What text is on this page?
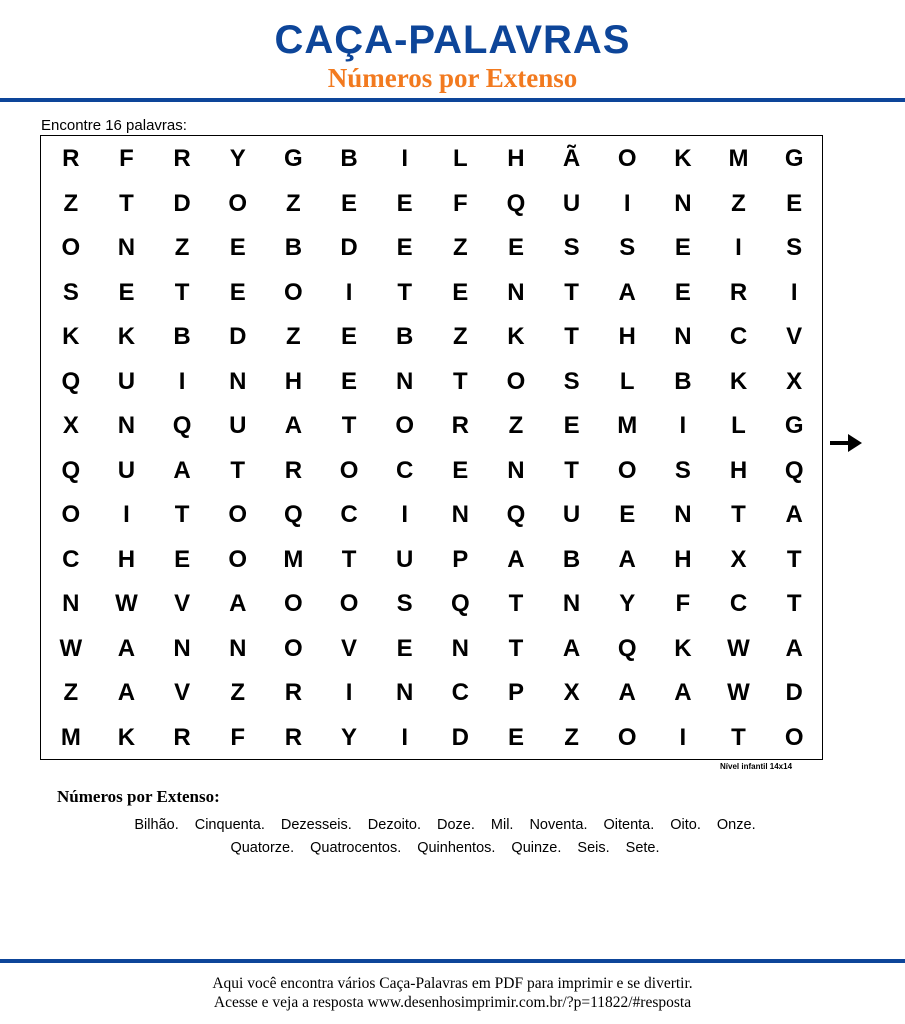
CAÇA-PALAVRAS
Números por Extenso
Encontre 16 palavras:
R	F	R	Y	G	B	I	L	H	Ã	O	K	M	G
Z	T	D	O	Z	E	E	F	Q	U	I	N	Z	E
O	N	Z	E	B	D	E	Z	E	S	S	E	I	S
S	E	T	E	O	I	T	E	N	T	A	E	R	I
K	K	B	D	Z	E	B	Z	K	T	H	N	C	V
Q	U	I	N	H	E	N	T	O	S	L	B	K	X
X	N	Q	U	A	T	O	R	Z	E	M	I	L	G
Q	U	A	T	R	O	C	E	N	T	O	S	H	Q
O	I	T	O	Q	C	I	N	Q	U	E	N	T	A
C	H	E	O	M	T	U	P	A	B	A	H	X	T
N	W	V	A	O	O	S	Q	T	N	Y	F	C	T
W	A	N	N	O	V	E	N	T	A	Q	K	W	A
Z	A	V	Z	R	I	N	C	P	X	A	A	W	D
M	K	R	F	R	Y	I	D	E	Z	O	I	T	O
Nível infantil 14x14
Números por Extenso:
Bilhão. Cinquenta. Dezesseis. Dezoito. Doze. Mil. Noventa. Oitenta. Oito. Onze.
Quatorze. Quatrocentos. Quinhentos. Quinze. Seis. Sete.
Aqui você encontra vários Caça-Palavras em PDF para imprimir e se divertir.
Acesse e veja a resposta www.desenhosimprimir.com.br/?p=11822/#resposta
